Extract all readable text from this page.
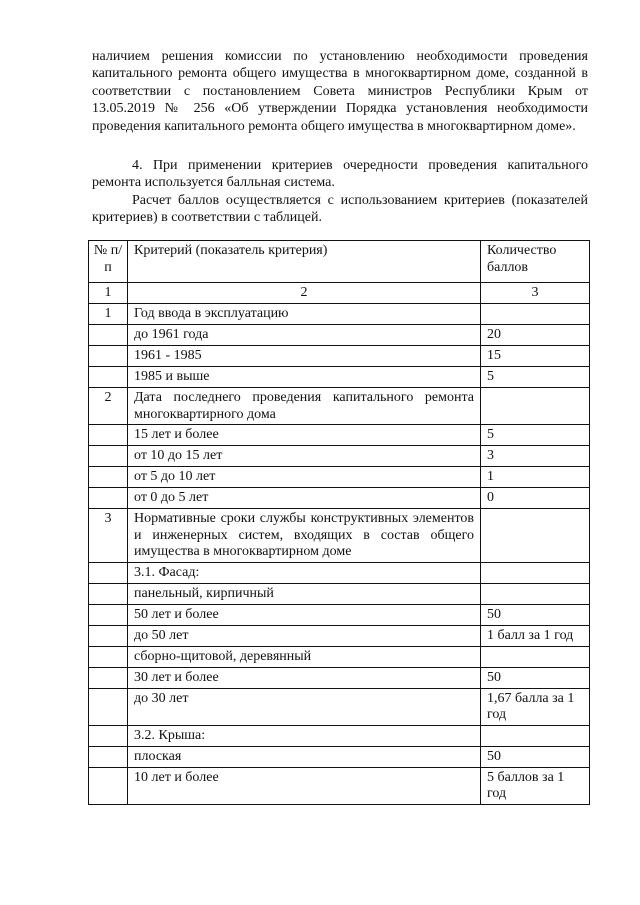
наличием решения комиссии по установлению необходимости проведения капитального ремонта общего имущества в многоквартирном доме, созданной в соответствии с постановлением Совета министров Республики Крым от 13.05.2019 № 256 «Об утверждении Порядка установления необходимости проведения капитального ремонта общего имущества в многоквартирном доме».

4. При применении критериев очередности проведения капитального ремонта используется балльная система.

Расчет баллов осуществляется с использованием критериев (показателей критериев) в соответствии с таблицей.

№ п/п	Критерий (показатель критерия)	Количество баллов
1	2	3
1	Год ввода в эксплуатацию	
	до 1961 года	20
	1961 - 1985	15
	1985 и выше	5
2	Дата последнего проведения капитального ремонта многоквартирного дома	
	15 лет и более	5
	от 10 до 15 лет	3
	от 5 до 10 лет	1
	от 0 до 5 лет	0
3	Нормативные сроки службы конструктивных элементов и инженерных систем, входящих в состав общего имущества в многоквартирном доме	
	3.1. Фасад:	
	панельный, кирпичный	
	50 лет и более	50
	до 50 лет	1 балл за 1 год
	сборно-щитовой, деревянный	
	30 лет и более	50
	до 30 лет	1,67 балла за 1 год
	3.2. Крыша:	
	плоская	50
	10 лет и более	5 баллов за 1 год
